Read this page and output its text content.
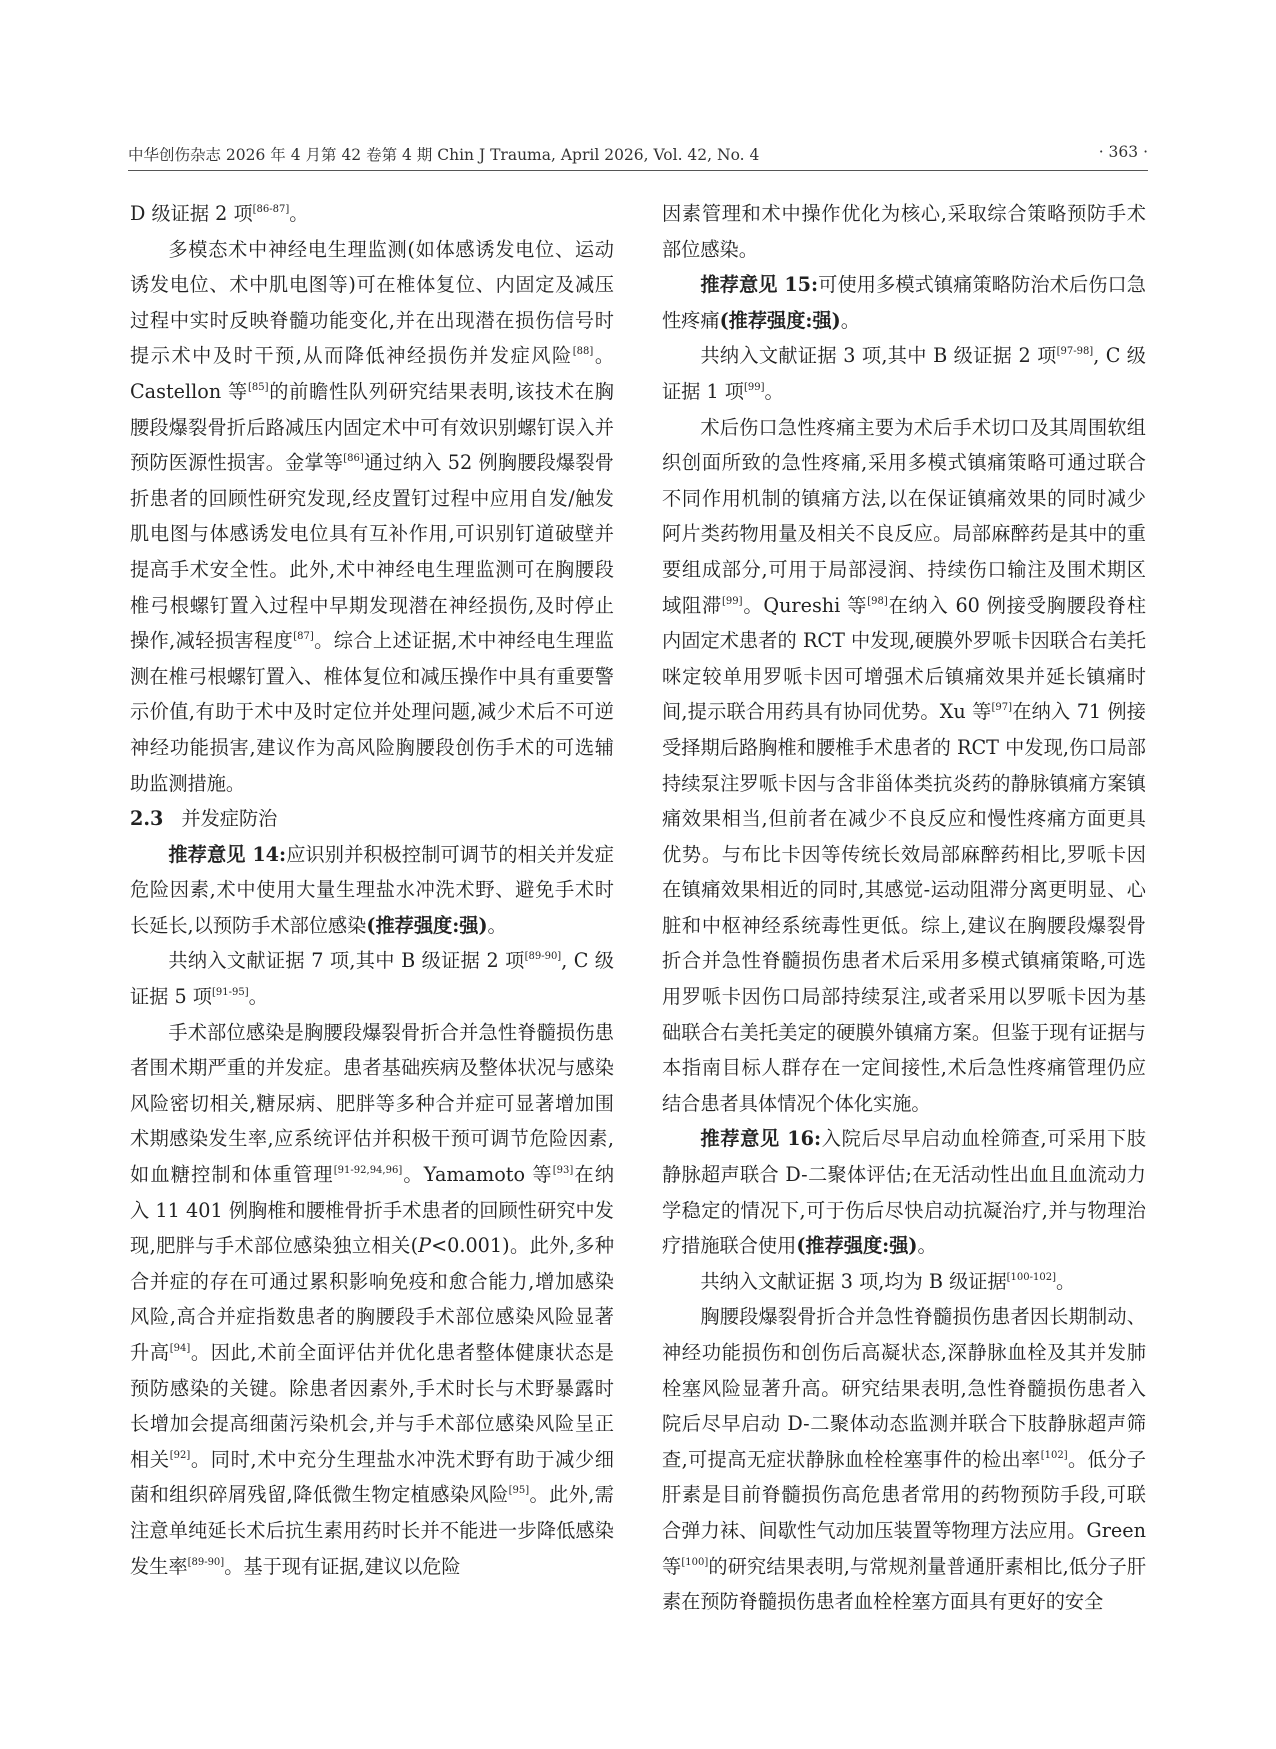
中华创伤杂志 2026 年 4 月第 42 卷第 4 期 Chin J Trauma, April 2026, Vol. 42, No. 4	· 363 ·

D 级证据 2 项[86-87]。

多模态术中神经电生理监测(如体感诱发电位、运动诱发电位、术中肌电图等)可在椎体复位、内固定及减压过程中实时反映脊髓功能变化,并在出现潜在损伤信号时提示术中及时干预,从而降低神经损伤并发症风险[88]。Castellon 等[85]的前瞻性队列研究结果表明,该技术在胸腰段爆裂骨折后路减压内固定术中可有效识别螺钉误入并预防医源性损害。金掌等[86]通过纳入 52 例胸腰段爆裂骨折患者的回顾性研究发现,经皮置钉过程中应用自发/触发肌电图与体感诱发电位具有互补作用,可识别钉道破壁并提高手术安全性。此外,术中神经电生理监测可在胸腰段椎弓根螺钉置入过程中早期发现潜在神经损伤,及时停止操作,减轻损害程度[87]。综合上述证据,术中神经电生理监测在椎弓根螺钉置入、椎体复位和减压操作中具有重要警示价值,有助于术中及时定位并处理问题,减少术后不可逆神经功能损害,建议作为高风险胸腰段创伤手术的可选辅助监测措施。

2.3 并发症防治

推荐意见 14:应识别并积极控制可调节的相关并发症危险因素,术中使用大量生理盐水冲洗术野、避免手术时长延长,以预防手术部位感染(推荐强度:强)。

共纳入文献证据 7 项,其中 B 级证据 2 项[89-90], C 级证据 5 项[91-95]。

手术部位感染是胸腰段爆裂骨折合并急性脊髓损伤患者围术期严重的并发症。患者基础疾病及整体状况与感染风险密切相关,糖尿病、肥胖等多种合并症可显著增加围术期感染发生率,应系统评估并积极干预可调节危险因素,如血糖控制和体重管理[91-92,94,96]。Yamamoto 等[93]在纳入 11 401 例胸椎和腰椎骨折手术患者的回顾性研究中发现,肥胖与手术部位感染独立相关(P<0.001)。此外,多种合并症的存在可通过累积影响免疫和愈合能力,增加感染风险,高合并症指数患者的胸腰段手术部位感染风险显著升高[94]。因此,术前全面评估并优化患者整体健康状态是预防感染的关键。除患者因素外,手术时长与术野暴露时长增加会提高细菌污染机会,并与手术部位感染风险呈正相关[92]。同时,术中充分生理盐水冲洗术野有助于减少细菌和组织碎屑残留,降低微生物定植感染风险[95]。此外,需注意单纯延长术后抗生素用药时长并不能进一步降低感染发生率[89-90]。基于现有证据,建议以危险

因素管理和术中操作优化为核心,采取综合策略预防手术部位感染。

推荐意见 15:可使用多模式镇痛策略防治术后伤口急性疼痛(推荐强度:强)。

共纳入文献证据 3 项,其中 B 级证据 2 项[97-98], C 级证据 1 项[99]。

术后伤口急性疼痛主要为术后手术切口及其周围软组织创面所致的急性疼痛,采用多模式镇痛策略可通过联合不同作用机制的镇痛方法,以在保证镇痛效果的同时减少阿片类药物用量及相关不良反应。局部麻醉药是其中的重要组成部分,可用于局部浸润、持续伤口输注及围术期区域阻滞[99]。Qureshi 等[98]在纳入 60 例接受胸腰段脊柱内固定术患者的 RCT 中发现,硬膜外罗哌卡因联合右美托咪定较单用罗哌卡因可增强术后镇痛效果并延长镇痛时间,提示联合用药具有协同优势。Xu 等[97]在纳入 71 例接受择期后路胸椎和腰椎手术患者的 RCT 中发现,伤口局部持续泵注罗哌卡因与含非甾体类抗炎药的静脉镇痛方案镇痛效果相当,但前者在减少不良反应和慢性疼痛方面更具优势。与布比卡因等传统长效局部麻醉药相比,罗哌卡因在镇痛效果相近的同时,其感觉-运动阻滞分离更明显、心脏和中枢神经系统毒性更低。综上,建议在胸腰段爆裂骨折合并急性脊髓损伤患者术后采用多模式镇痛策略,可选用罗哌卡因伤口局部持续泵注,或者采用以罗哌卡因为基础联合右美托美定的硬膜外镇痛方案。但鉴于现有证据与本指南目标人群存在一定间接性,术后急性疼痛管理仍应结合患者具体情况个体化实施。

推荐意见 16:入院后尽早启动血栓筛查,可采用下肢静脉超声联合 D-二聚体评估;在无活动性出血且血流动力学稳定的情况下,可于伤后尽快启动抗凝治疗,并与物理治疗措施联合使用(推荐强度:强)。

共纳入文献证据 3 项,均为 B 级证据[100-102]。

胸腰段爆裂骨折合并急性脊髓损伤患者因长期制动、神经功能损伤和创伤后高凝状态,深静脉血栓及其并发肺栓塞风险显著升高。研究结果表明,急性脊髓损伤患者入院后尽早启动 D-二聚体动态监测并联合下肢静脉超声筛查,可提高无症状静脉血栓栓塞事件的检出率[102]。低分子肝素是目前脊髓损伤高危患者常用的药物预防手段,可联合弹力袜、间歇性气动加压装置等物理方法应用。Green 等[100]的研究结果表明,与常规剂量普通肝素相比,低分子肝素在预防脊髓损伤患者血栓栓塞方面具有更好的安全
